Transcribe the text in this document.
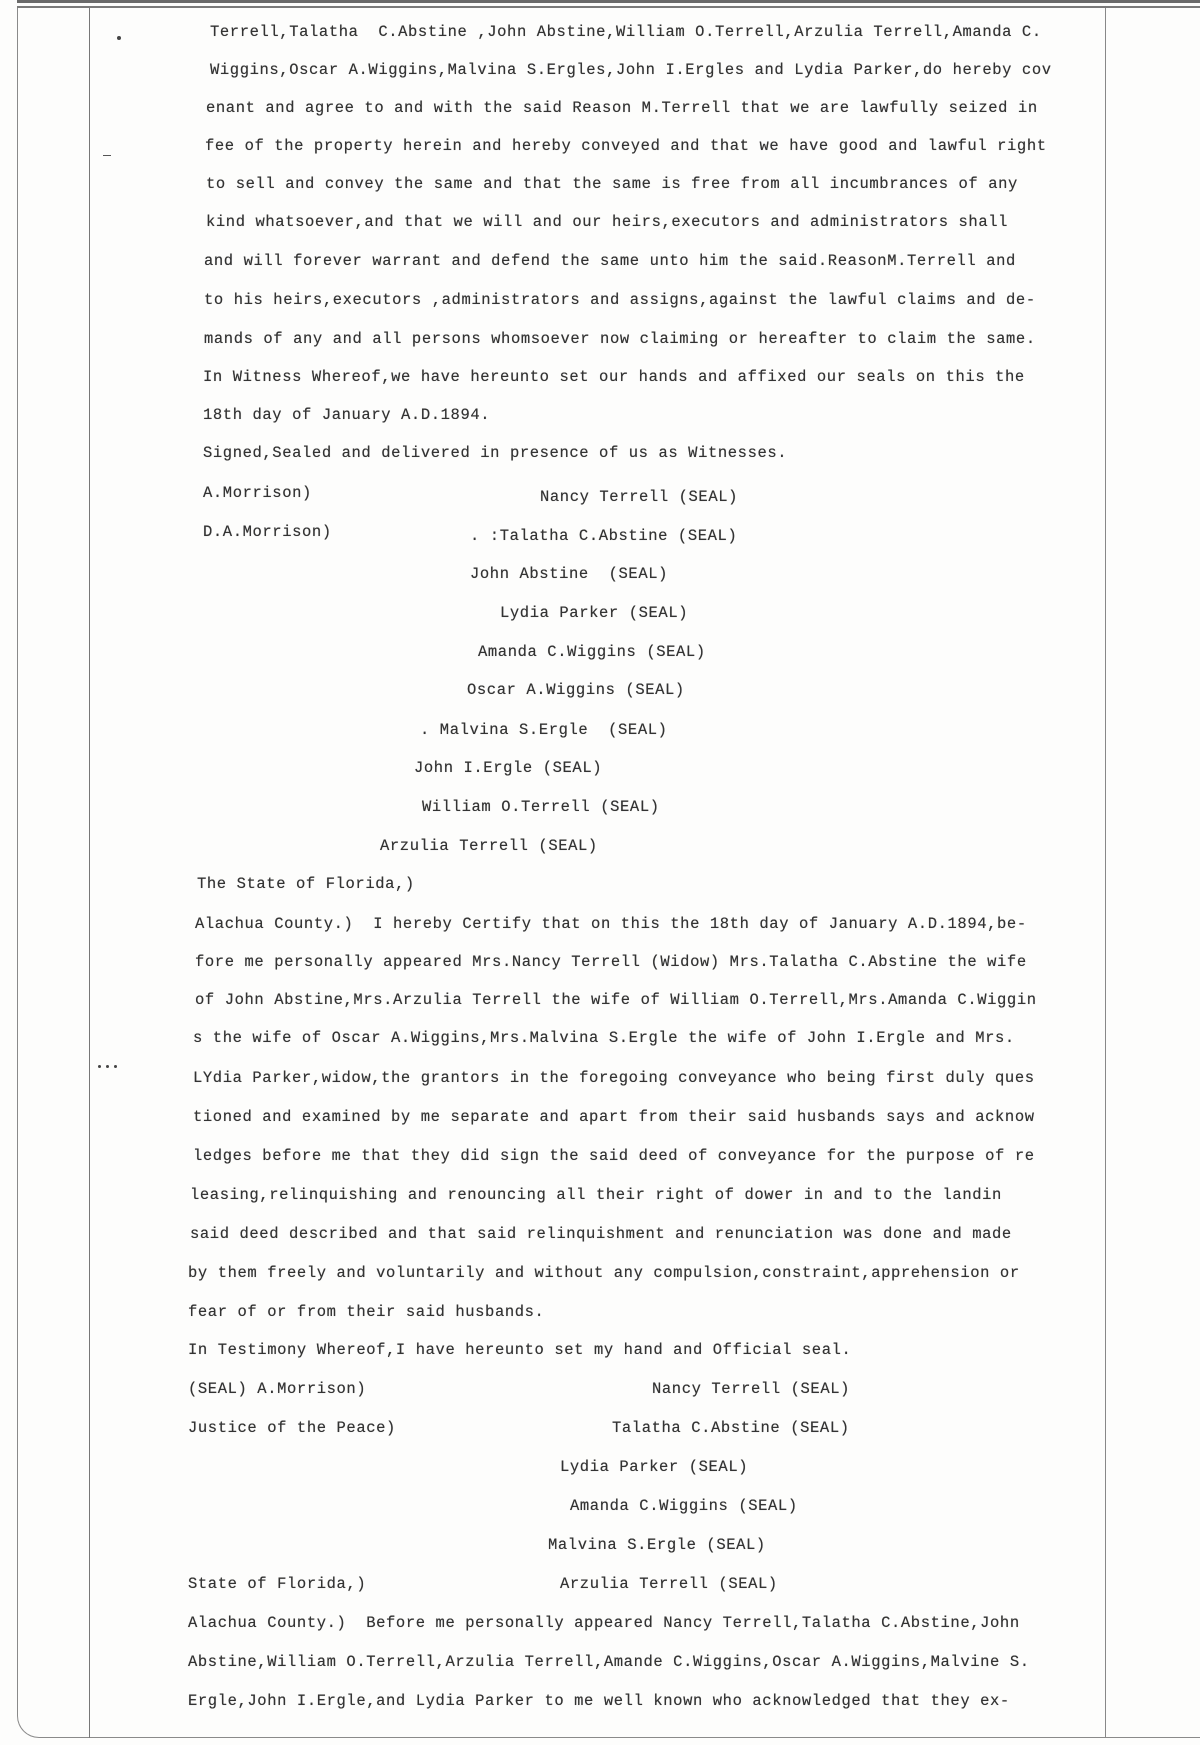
Terrell,Talatha  C.Abstine ,John Abstine,William O.Terrell,Arzulia Terrell,Amanda C.
Wiggins,Oscar A.Wiggins,Malvina S.Ergles,John I.Ergles and Lydia Parker,do hereby cov
enant and agree to and with the said Reason M.Terrell that we are lawfully seized in
fee of the property herein and hereby conveyed and that we have good and lawful right
to sell and convey the same and that the same is free from all incumbrances of any
kind whatsoever,and that we will and our heirs,executors and administrators shall
and will forever warrant and defend the same unto him the said.ReasonM.Terrell and
to his heirs,executors ,administrators and assigns,against the lawful claims and de-
mands of any and all persons whomsoever now claiming or hereafter to claim the same.
In Witness Whereof,we have hereunto set our hands and affixed our seals on this the
18th day of January A.D.1894.
Signed,Sealed and delivered in presence of us as Witnesses.
A.Morrison)
D.A.Morrison)
Nancy Terrell (SEAL)
. :Talatha C.Abstine (SEAL)
John Abstine  (SEAL)
Lydia Parker (SEAL)
Amanda C.Wiggins (SEAL)
Oscar A.Wiggins (SEAL)
. Malvina S.Ergle  (SEAL)
John I.Ergle (SEAL)
William O.Terrell (SEAL)
Arzulia Terrell (SEAL)
The State of Florida,)
Alachua County.)  I hereby Certify that on this the 18th day of January A.D.1894,be-
fore me personally appeared Mrs.Nancy Terrell (Widow) Mrs.Talatha C.Abstine the wife
of John Abstine,Mrs.Arzulia Terrell the wife of William O.Terrell,Mrs.Amanda C.Wiggin
s the wife of Oscar A.Wiggins,Mrs.Malvina S.Ergle the wife of John I.Ergle and Mrs.
LYdia Parker,widow,the grantors in the foregoing conveyance who being first duly ques
tioned and examined by me separate and apart from their said husbands says and acknow
ledges before me that they did sign the said deed of conveyance for the purpose of re
leasing,relinquishing and renouncing all their right of dower in and to the landin
said deed described and that said relinquishment and renunciation was done and made
by them freely and voluntarily and without any compulsion,constraint,apprehension or
fear of or from their said husbands.
In Testimony Whereof,I have hereunto set my hand and Official seal.
(SEAL) A.Morrison)
Justice of the Peace)
Nancy Terrell (SEAL)
Talatha C.Abstine (SEAL)
Lydia Parker (SEAL)
Amanda C.Wiggins (SEAL)
Malvina S.Ergle (SEAL)
Arzulia Terrell (SEAL)
State of Florida,)
Alachua County.)  Before me personally appeared Nancy Terrell,Talatha C.Abstine,John
Abstine,William O.Terrell,Arzulia Terrell,Amande C.Wiggins,Oscar A.Wiggins,Malvine S.
Ergle,John I.Ergle,and Lydia Parker to me well known who acknowledged that they ex-
